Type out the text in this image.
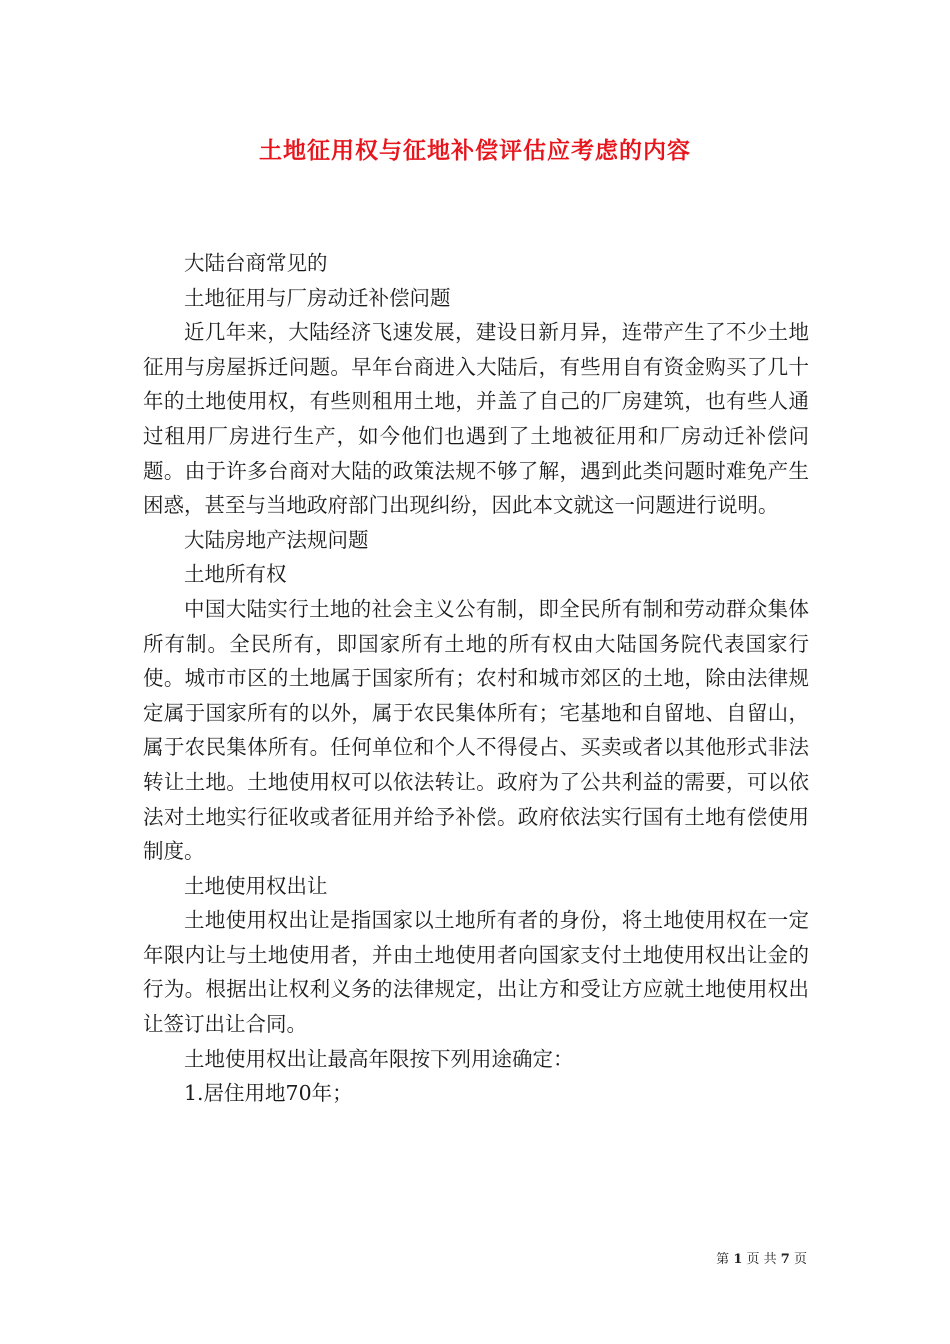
土地征用权与征地补偿评估应考虑的内容

大陆台商常见的

土地征用与厂房动迁补偿问题

近几年来，大陆经济飞速发展，建设日新月异，连带产生了不少土地征用与房屋拆迁问题。早年台商进入大陆后，有些用自有资金购买了几十年的土地使用权，有些则租用土地，并盖了自己的厂房建筑，也有些人通过租用厂房进行生产，如今他们也遇到了土地被征用和厂房动迁补偿问题。由于许多台商对大陆的政策法规不够了解，遇到此类问题时难免产生困惑，甚至与当地政府部门出现纠纷，因此本文就这一问题进行说明。

大陆房地产法规问题

土地所有权

中国大陆实行土地的社会主义公有制，即全民所有制和劳动群众集体所有制。全民所有，即国家所有土地的所有权由大陆国务院代表国家行使。城市市区的土地属于国家所有；农村和城市郊区的土地，除由法律规定属于国家所有的以外，属于农民集体所有；宅基地和自留地、自留山，属于农民集体所有。任何单位和个人不得侵占、买卖或者以其他形式非法转让土地。土地使用权可以依法转让。政府为了公共利益的需要，可以依法对土地实行征收或者征用并给予补偿。政府依法实行国有土地有偿使用制度。

土地使用权出让

土地使用权出让是指国家以土地所有者的身份，将土地使用权在一定年限内让与土地使用者，并由土地使用者向国家支付土地使用权出让金的行为。根据出让权利义务的法律规定，出让方和受让方应就土地使用权出让签订出让合同。

土地使用权出让最高年限按下列用途确定：

1.居住用地70年；

第 1 页 共 7 页
